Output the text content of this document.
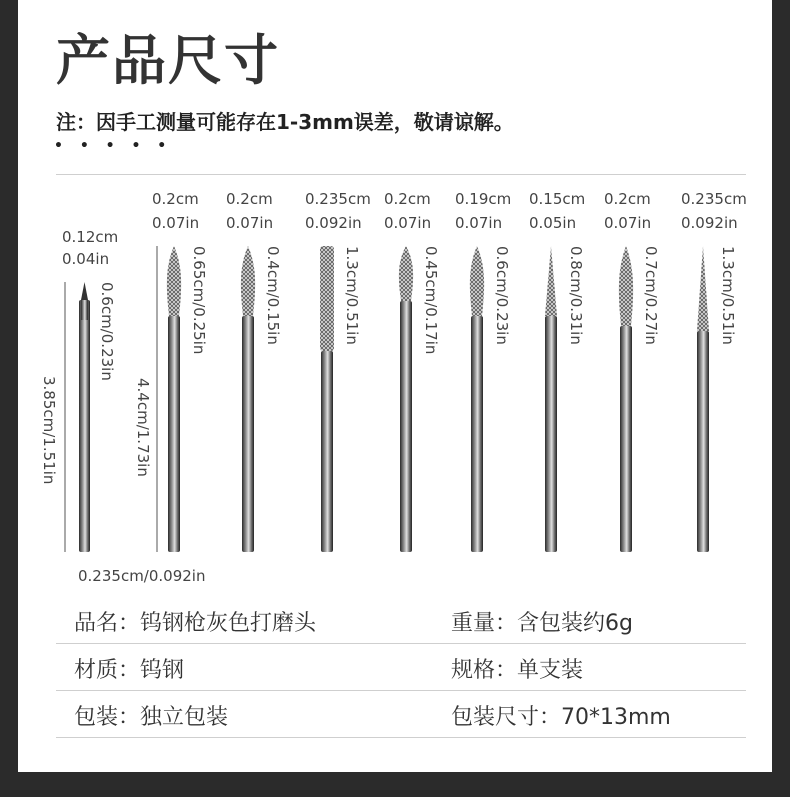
产品尺寸
注：因手工测量可能存在1-3mm误差，敬请谅解。
• • • • •
0.12cm
0.04in
0.6cm/0.23in
3.85cm/1.51in
0.235cm/0.092in
4.4cm/1.73in
0.2cm
0.07in
0.65cm/0.25in
0.2cm
0.07in
0.4cm/0.15in
0.235cm
0.092in
1.3cm/0.51in
0.2cm
0.07in
0.45cm/0.17in
0.19cm
0.07in
0.6cm/0.23in
0.15cm
0.05in
0.8cm/0.31in
0.2cm
0.07in
0.7cm/0.27in
0.235cm
0.092in
1.3cm/0.51in
品名：钨钢枪灰色打磨头	重量：含包装约6g
材质：钨钢	规格：单支装
包装：独立包装	包装尺寸：70*13mm
